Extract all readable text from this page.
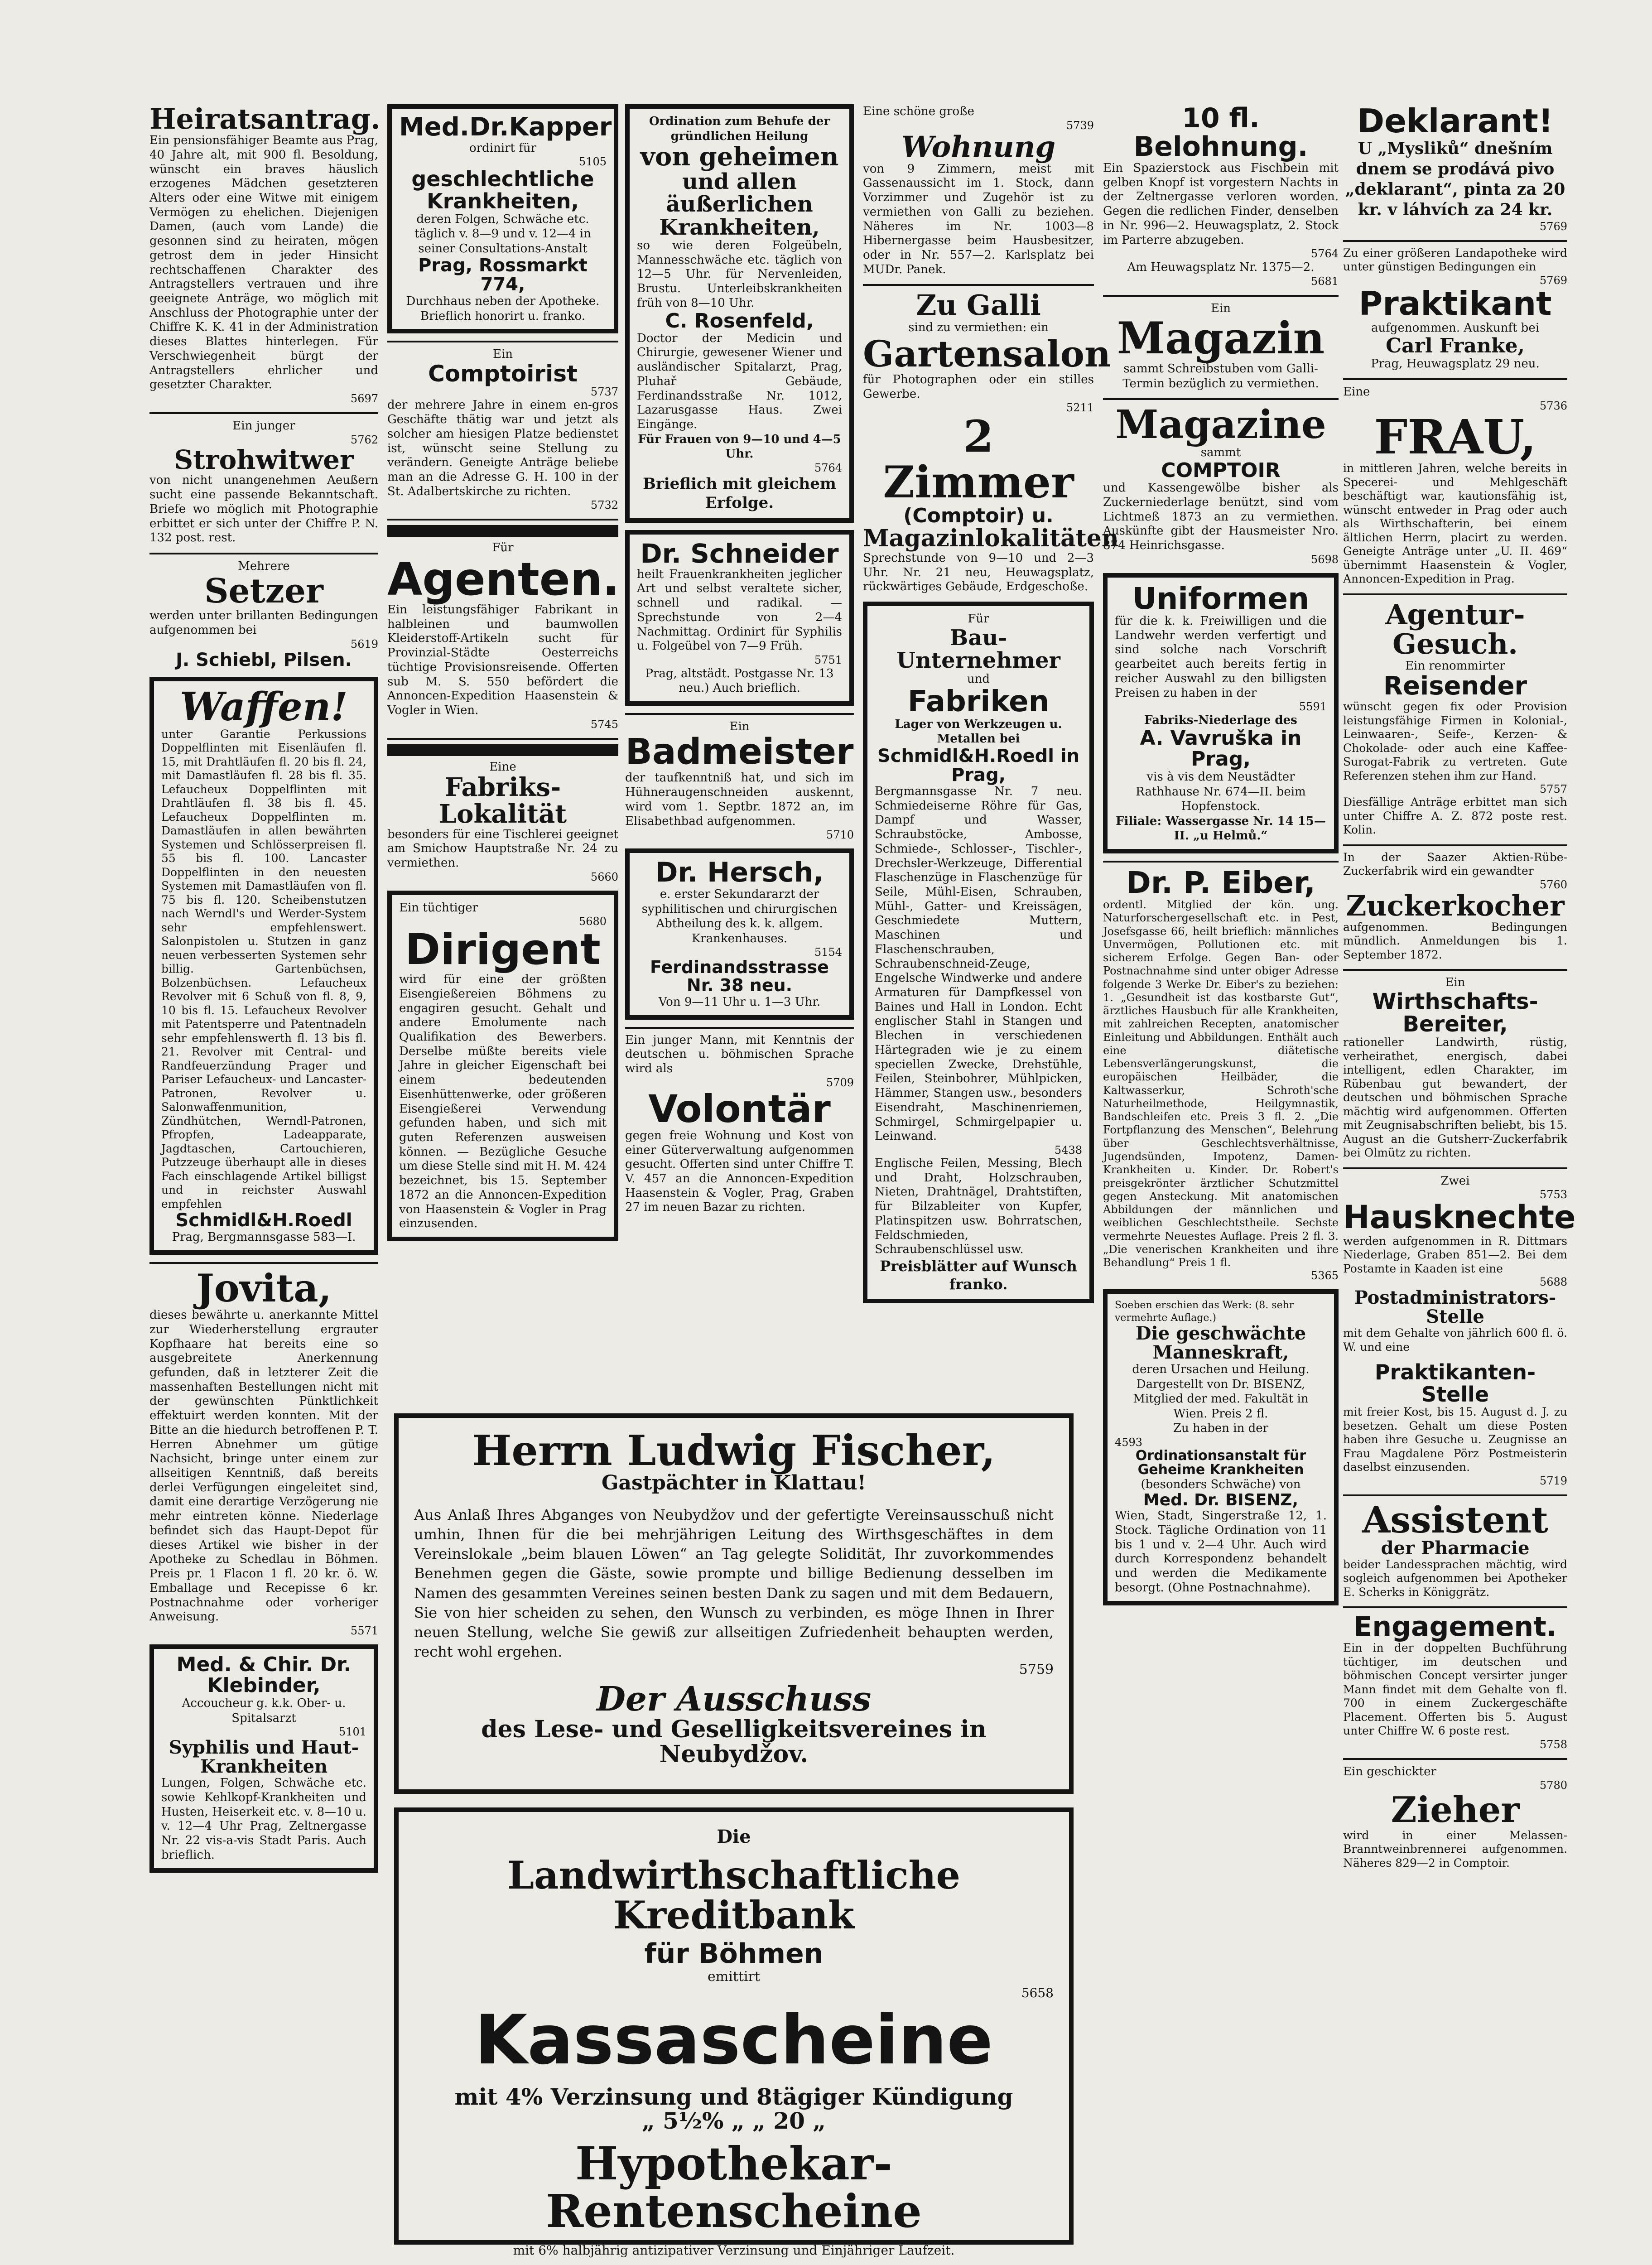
Heiratsantrag.
Ein pensionsfähiger Beamte aus Prag, 40 Jahre alt, mit 900 fl. Besoldung, wünscht ein braves häuslich erzogenes Mädchen gesetzteren Alters oder eine Witwe mit einigem Vermögen zu ehelichen. Diejenigen Damen, (auch vom Lande) die gesonnen sind zu heiraten, mögen getrost dem in jeder Hinsicht rechtschaffenen Charakter des Antragstellers vertrauen und ihre geeignete Anträge, wo möglich mit Anschluss der Photographie unter der Chiffre K. K. 41 in der Administration dieses Blattes hinterlegen. Für Verschwiegenheit bürgt der Antragstellers ehrlicher und gesetzter Charakter.
5697
Ein junger
5762
Strohwitwer
von nicht unangenehmen Aeußern sucht eine passende Bekanntschaft. Briefe wo möglich mit Photographie erbittet er sich unter der Chiffre P. N. 132 post. rest.
Mehrere
Setzer
werden unter brillanten Bedingungen aufgenommen bei
5619
J. Schiebl, Pilsen.
Waffen!
unter Garantie Perkussions Doppelflinten mit Eisenläufen fl. 15, mit Drahtläufen fl. 20 bis fl. 24, mit Damastläufen fl. 28 bis fl. 35. Lefaucheux Doppelflinten mit Drahtläufen fl. 38 bis fl. 45. Lefaucheux Doppelflinten m. Damastläufen in allen bewährten Systemen und Schlösserpreisen fl. 55 bis fl. 100. Lancaster Doppelflinten in den neuesten Systemen mit Damastläufen von fl. 75 bis fl. 120. Scheibenstutzen nach Werndl's und Werder-System sehr empfehlenswert. Salonpistolen u. Stutzen in ganz neuen verbesserten Systemen sehr billig. Gartenbüchsen, Bolzenbüchsen. Lefaucheux Revolver mit 6 Schuß von fl. 8, 9, 10 bis fl. 15. Lefaucheux Revolver mit Patentsperre und Patentnadeln sehr empfehlenswerth fl. 13 bis fl. 21. Revolver mit Central- und Randfeuerzündung Prager und Pariser Lefaucheux- und Lancaster-Patronen, Revolver u. Salonwaffenmunition, Zündhütchen, Werndl-Patronen, Pfropfen, Ladeapparate, Jagdtaschen, Cartouchieren, Putzzeuge überhaupt alle in dieses Fach einschlagende Artikel billigst und in reichster Auswahl empfehlen
Schmidl&H.Roedl
Prag, Bergmannsgasse 583—I.
Jovita,
dieses bewährte u. anerkannte Mittel zur Wiederherstellung ergrauter Kopfhaare hat bereits eine so ausgebreitete Anerkennung gefunden, daß in letzterer Zeit die massenhaften Bestellungen nicht mit der gewünschten Pünktlichkeit effektuirt werden konnten. Mit der Bitte an die hiedurch betroffenen P. T. Herren Abnehmer um gütige Nachsicht, bringe unter einem zur allseitigen Kenntniß, daß bereits derlei Verfügungen eingeleitet sind, damit eine derartige Verzögerung nie mehr eintreten könne. Niederlage befindet sich das Haupt-Depot für dieses Artikel wie bisher in der Apotheke zu Schedlau in Böhmen. Preis pr. 1 Flacon 1 fl. 20 kr. ö. W. Emballage und Recepisse 6 kr. Postnachnahme oder vorheriger Anweisung.
5571
Med. & Chir. Dr. Klebinder,
Accoucheur g. k.k. Ober- u. Spitalsarzt
5101
Syphilis und Haut-Krankheiten
Lungen, Folgen, Schwäche etc. sowie Kehlkopf-Krankheiten und Husten, Heiserkeit etc. v. 8—10 u. v. 12—4 Uhr Prag, Zeltnergasse Nr. 22 vis-a-vis Stadt Paris. Auch brieflich.
Med.Dr.Kapper
ordinirt für
5105
geschlechtliche Krankheiten,
deren Folgen, Schwäche etc. täglich v. 8—9 und v. 12—4 in seiner Consultations-Anstalt
Prag, Rossmarkt 774,
Durchhaus neben der Apotheke. Brieflich honorirt u. franko.
Ein
Comptoirist
5737
der mehrere Jahre in einem en-gros Geschäfte thätig war und jetzt als solcher am hiesigen Platze bedienstet ist, wünscht seine Stellung zu verändern. Geneigte Anträge beliebe man an die Adresse G. H. 100 in der St. Adalbertskirche zu richten.
5732
Für
Agenten.
Ein leistungsfähiger Fabrikant in halbleinen und baumwollen Kleiderstoff-Artikeln sucht für Provinzial-Städte Oesterreichs tüchtige Provisionsreisende. Offerten sub M. S. 550 befördert die Annoncen-Expedition Haasenstein & Vogler in Wien.
5745
Eine
Fabriks-Lokalität
besonders für eine Tischlerei geeignet am Smichow Hauptstraße Nr. 24 zu vermiethen.
5660
Ein tüchtiger
5680
Dirigent
wird für eine der größten Eisengießereien Böhmens zu engagiren gesucht. Gehalt und andere Emolumente nach Qualifikation des Bewerbers. Derselbe müßte bereits viele Jahre in gleicher Eigenschaft bei einem bedeutenden Eisenhüttenwerke, oder größeren Eisengießerei Verwendung gefunden haben, und sich mit guten Referenzen ausweisen können. — Bezügliche Gesuche um diese Stelle sind mit H. M. 424 bezeichnet, bis 15. September 1872 an die Annoncen-Expedition von Haasenstein & Vogler in Prag einzusenden.
Ordination zum Behufe der gründlichen Heilung
von geheimen
und allen äußerlichen Krankheiten,
so wie deren Folgeübeln, Mannesschwäche etc. täglich von 12—5 Uhr. für Nervenleiden, Brustu. Unterleibskrankheiten früh von 8—10 Uhr.
C. Rosenfeld,
Doctor der Medicin und Chirurgie, gewesener Wiener und ausländischer Spitalarzt, Prag, Pluhař Gebäude, Ferdinandsstraße Nr. 1012, Lazarusgasse Haus. Zwei Eingänge.
Für Frauen von 9—10 und 4—5 Uhr.
5764
Brieflich mit gleichem Erfolge.
Dr. Schneider
heilt Frauenkrankheiten jeglicher Art und selbst veraltete sicher, schnell und radikal. — Sprechstunde von 2—4 Nachmittag. Ordinirt für Syphilis u. Folgeübel von 7—9 Früh.
5751
Prag, altstädt. Postgasse Nr. 13 neu.) Auch brieflich.
Ein
Badmeister
der taufkenntniß hat, und sich im Hühneraugenschneiden auskennt, wird vom 1. Septbr. 1872 an, im Elisabethbad aufgenommen.
5710
Dr. Hersch,
e. erster Sekundararzt der syphilitischen und chirurgischen Abtheilung des k. k. allgem. Krankenhauses.
5154
Ferdinandsstrasse Nr. 38 neu.
Von 9—11 Uhr u. 1—3 Uhr.
Ein junger Mann, mit Kenntnis der deutschen u. böhmischen Sprache wird als
5709
Volontär
gegen freie Wohnung und Kost von einer Güterverwaltung aufgenommen gesucht. Offerten sind unter Chiffre T. V. 457 an die Annoncen-Expedition Haasenstein & Vogler, Prag, Graben 27 im neuen Bazar zu richten.
Eine schöne große
5739
Wohnung
von 9 Zimmern, meist mit Gassenaussicht im 1. Stock, dann Vorzimmer und Zugehör ist zu vermiethen von Galli zu beziehen. Näheres im Nr. 1003—8 Hibernergasse beim Hausbesitzer, oder in Nr. 557—2. Karlsplatz bei MUDr. Panek.
Zu Galli
sind zu vermiethen: ein
Gartensalon
für Photographen oder ein stilles Gewerbe.
5211
2 Zimmer
(Comptoir) u.
Magazinlokalitäten
Sprechstunde von 9—10 und 2—3 Uhr. Nr. 21 neu, Heuwagsplatz, rückwärtiges Gebäude, Erdgeschoße.
Für
Bau-Unternehmer
und
Fabriken
Lager von Werkzeugen u. Metallen bei
Schmidl&H.Roedl in Prag,
Bergmannsgasse Nr. 7 neu. Schmiedeiserne Röhre für Gas, Dampf und Wasser, Schraubstöcke, Ambosse, Schmiede-, Schlosser-, Tischler-, Drechsler-Werkzeuge, Differential Flaschenzüge in Flaschenzüge für Seile, Mühl-Eisen, Schrauben, Mühl-, Gatter- und Kreissägen, Geschmiedete Muttern, Maschinen und Flaschenschrauben, Schraubenschneid-Zeuge, Engelsche Windwerke und andere Armaturen für Dampfkessel von Baines und Hall in London. Echt englischer Stahl in Stangen und Blechen in verschiedenen Härtegraden wie je zu einem speciellen Zwecke, Drehstühle, Feilen, Steinbohrer, Mühlpicken, Hämmer, Stangen usw., besonders Eisendraht, Maschinenriemen, Schmirgel, Schmirgelpapier u. Leinwand.
5438
Englische Feilen, Messing, Blech und Draht, Holzschrauben, Nieten, Drahtnägel, Drahtstiften, für Bilzableiter von Kupfer, Platinspitzen usw. Bohrratschen, Feldschmieden, Schraubenschlüssel usw.
Preisblätter auf Wunsch franko.
10 fl. Belohnung.
Ein Spazierstock aus Fischbein mit gelben Knopf ist vorgestern Nachts in der Zeltnergasse verloren worden. Gegen die redlichen Finder, denselben in Nr. 996—2. Heuwagsplatz, 2. Stock im Parterre abzugeben.
5764
Am Heuwagsplatz Nr. 1375—2.
5681
Ein
Magazin
sammt Schreibstuben vom Galli-Termin bezüglich zu vermiethen.
Magazine
sammt
COMPTOIR
und Kassengewölbe bisher als Zuckerniederlage benützt, sind vom Lichtmeß 1873 an zu vermiethen. Auskünfte gibt der Hausmeister Nro. 874 Heinrichsgasse.
5698
Uniformen
für die k. k. Freiwilligen und die Landwehr werden verfertigt und sind solche nach Vorschrift gearbeitet auch bereits fertig in reicher Auswahl zu den billigsten Preisen zu haben in der
5591
Fabriks-Niederlage des
A. Vavruška in Prag,
vis à vis dem Neustädter Rathhause Nr. 674—II. beim Hopfenstock.
Filiale: Wassergasse Nr. 14 15—II. „u Helmů.“
Dr. P. Eiber,
ordentl. Mitglied der kön. ung. Naturforschergesellschaft etc. in Pest, Josefsgasse 66, heilt brieflich: männliches Unvermögen, Pollutionen etc. mit sicherem Erfolge. Gegen Ban- oder Postnachnahme sind unter obiger Adresse folgende 3 Werke Dr. Eiber's zu beziehen: 1. „Gesundheit ist das kostbarste Gut“, ärztliches Hausbuch für alle Krankheiten, mit zahlreichen Recepten, anatomischer Einleitung und Abbildungen. Enthält auch eine diätetische Lebensverlängerungskunst, die europäischen Heilbäder, die Kaltwasserkur, Schroth'sche Naturheilmethode, Heilgymnastik, Bandschleifen etc. Preis 3 fl. 2. „Die Fortpflanzung des Menschen“, Belehrung über Geschlechtsverhältnisse, Jugendsünden, Impotenz, Damen-Krankheiten u. Kinder. Dr. Robert's preisgekrönter ärztlicher Schutzmittel gegen Ansteckung. Mit anatomischen Abbildungen der männlichen und weiblichen Geschlechtstheile. Sechste vermehrte Neuestes Auflage. Preis 2 fl. 3. „Die venerischen Krankheiten und ihre Behandlung“ Preis 1 fl.
5365
Soeben erschien das Werk: (8. sehr vermehrte Auflage.)
Die geschwächte Manneskraft,
deren Ursachen und Heilung. Dargestellt von Dr. BISENZ, Mitglied der med. Fakultät in Wien. Preis 2 fl.
Zu haben in der
4593
Ordinationsanstalt für Geheime Krankheiten
(besonders Schwäche) von
Med. Dr. BISENZ,
Wien, Stadt, Singerstraße 12, 1. Stock. Tägliche Ordination von 11 bis 1 und v. 2—4 Uhr. Auch wird durch Korrespondenz behandelt und werden die Medikamente besorgt. (Ohne Postnachnahme).
Deklarant!
U „Mysliků“ dnešním dnem se prodává pivo „deklarant“, pinta za 20 kr. v láhvích za 24 kr.
5769
Zu einer größeren Landapotheke wird unter günstigen Bedingungen ein
5769
Praktikant
aufgenommen. Auskunft bei
Carl Franke,
Prag, Heuwagsplatz 29 neu.
Eine
5736
FRAU,
in mittleren Jahren, welche bereits in Specerei- und Mehlgeschäft beschäftigt war, kautionsfähig ist, wünscht entweder in Prag oder auch als Wirthschafterin, bei einem ältlichen Herrn, placirt zu werden. Geneigte Anträge unter „U. II. 469“ übernimmt Haasenstein & Vogler, Annoncen-Expedition in Prag.
Agentur-Gesuch.
Ein renommirter
Reisender
wünscht gegen fix oder Provision leistungsfähige Firmen in Kolonial-, Leinwaaren-, Seife-, Kerzen- & Chokolade- oder auch eine Kaffee-Surogat-Fabrik zu vertreten. Gute Referenzen stehen ihm zur Hand.
5757
Diesfällige Anträge erbittet man sich unter Chiffre A. Z. 872 poste rest. Kolin.
In der Saazer Aktien-Rübe-Zuckerfabrik wird ein gewandter
5760
Zuckerkocher
aufgenommen. Bedingungen mündlich. Anmeldungen bis 1. September 1872.
Ein
Wirthschafts-Bereiter,
rationeller Landwirth, rüstig, verheirathet, energisch, dabei intelligent, edlen Charakter, im Rübenbau gut bewandert, der deutschen und böhmischen Sprache mächtig wird aufgenommen. Offerten mit Zeugnisabschriften beliebt, bis 15. August an die Gutsherr-Zuckerfabrik bei Olmütz zu richten.
Zwei
5753
Hausknechte
werden aufgenommen in R. Dittmars Niederlage, Graben 851—2. Bei dem Postamte in Kaaden ist eine
5688
Postadministrators-Stelle
mit dem Gehalte von jährlich 600 fl. ö. W. und eine
Praktikanten-Stelle
mit freier Kost, bis 15. August d. J. zu besetzen. Gehalt um diese Posten haben ihre Gesuche u. Zeugnisse an Frau Magdalene Pörz Postmeisterin daselbst einzusenden.
5719
Assistent
der Pharmacie
beider Landessprachen mächtig, wird sogleich aufgenommen bei Apotheker E. Scherks in Königgrätz.
Engagement.
Ein in der doppelten Buchführung tüchtiger, im deutschen und böhmischen Concept versirter junger Mann findet mit dem Gehalte von fl. 700 in einem Zuckergeschäfte Placement. Offerten bis 5. August unter Chiffre W. 6 poste rest.
5758
Ein geschickter
5780
Zieher
wird in einer Melassen-Branntweinbrennerei aufgenommen. Näheres 829—2 in Comptoir.
Herrn Ludwig Fischer,
Gastpächter in Klattau!
Aus Anlaß Ihres Abganges von Neubydžov und der gefertigte Vereinsausschuß nicht umhin, Ihnen für die bei mehrjährigen Leitung des Wirthsgeschäftes in dem Vereinslokale „beim blauen Löwen“ an Tag gelegte Solidität, Ihr zuvorkommendes Benehmen gegen die Gäste, sowie prompte und billige Bedienung desselben im Namen des gesammten Vereines seinen besten Dank zu sagen und mit dem Bedauern, Sie von hier scheiden zu sehen, den Wunsch zu verbinden, es möge Ihnen in Ihrer neuen Stellung, welche Sie gewiß zur allseitigen Zufriedenheit behaupten werden, recht wohl ergehen.
5759
Der Ausschuss
des Lese- und Geselligkeitsvereines in Neubydžov.
Die
Landwirthschaftliche Kreditbank
für Böhmen
emittirt
5658
Kassascheine
mit 4% Verzinsung und 8tägiger Kündigung
„ 5½% „ „ 20 „
Hypothekar-Rentenscheine
mit 6% halbjährig antizipativer Verzinsung und Einjähriger Laufzeit.
